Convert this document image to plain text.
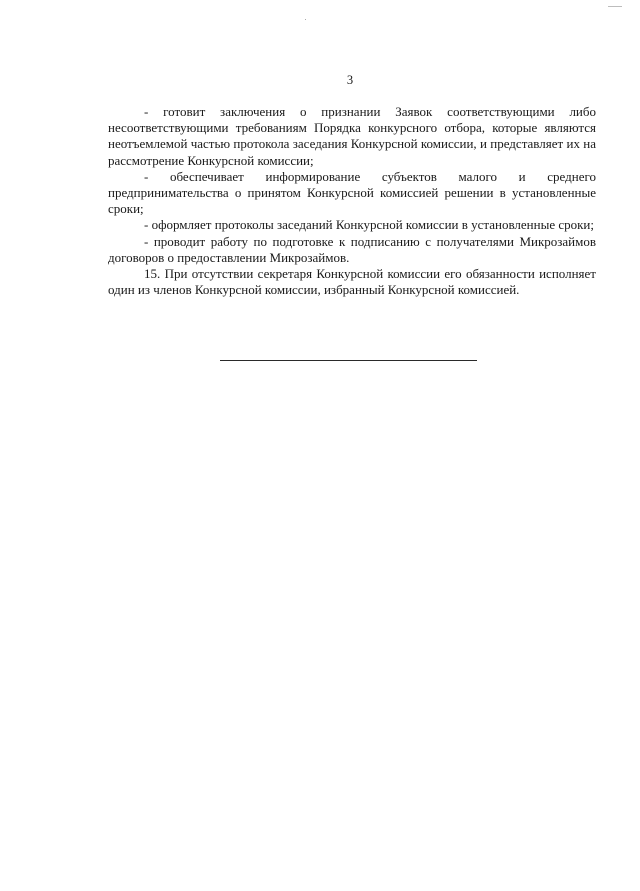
3

- готовит заключения о признании Заявок соответствующими либо несоответствующими требованиям Порядка конкурсного отбора, которые являются неотъемлемой частью протокола заседания Конкурсной комиссии, и представляет их на рассмотрение Конкурсной комиссии;

- обеспечивает информирование субъектов малого и среднего предпринимательства о принятом Конкурсной комиссией решении в установленные сроки;

- оформляет протоколы заседаний Конкурсной комиссии в установленные сроки;

- проводит работу по подготовке к подписанию с получателями Микрозаймов договоров о предоставлении Микрозаймов.

15. При отсутствии секретаря Конкурсной комиссии его обязанности исполняет один из членов Конкурсной комиссии, избранный Конкурсной комиссией.
